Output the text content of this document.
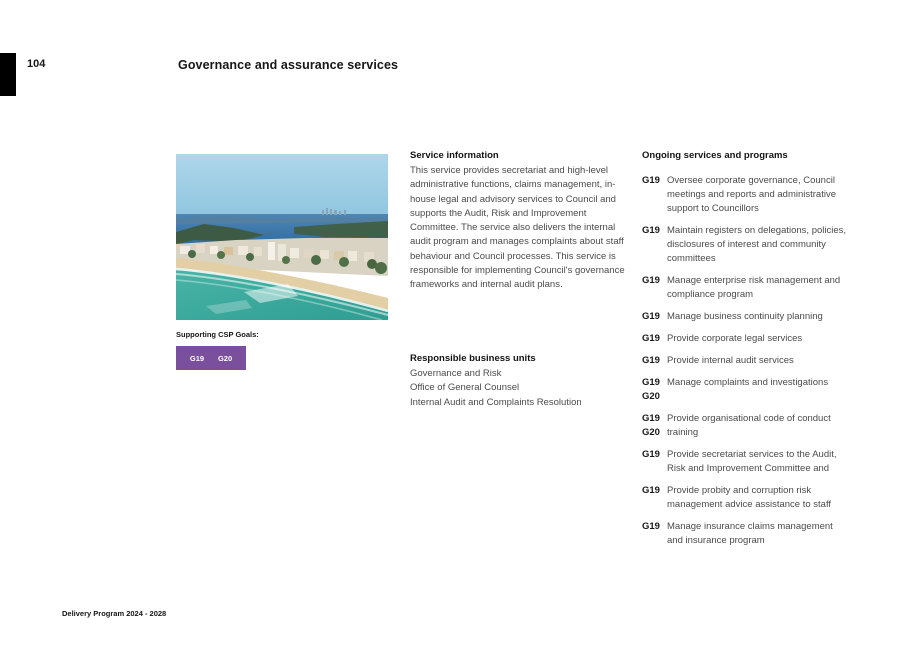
104	Governance and assurance services
Supporting CSP Goals:
G19 G20
Service information

This service provides secretariat and high-level administrative functions, claims management, in-house legal and advisory services to Council and supports the Audit, Risk and Improvement Committee. The service also delivers the internal audit program and manages complaints about staff behaviour and Council processes. This service is responsible for implementing Council's governance frameworks and internal audit plans.

Responsible business units
Governance and Risk
Office of General Counsel
Internal Audit and Complaints Resolution
Ongoing services and programs
G19 Oversee corporate governance, Council meetings and reports and administrative support to Councillors
G19 Maintain registers on delegations, policies, disclosures of interest and community committees
G19 Manage enterprise risk management and compliance program
G19 Manage business continuity planning
G19 Provide corporate legal services
G19 Provide internal audit services
G19
G20
Manage complaints and investigations
G19
G20
Provide organisational code of conduct training
G19 Provide secretariat services to the Audit, Risk and Improvement Committee and
G19 Provide probity and corruption risk management advice assistance to staff
G19 Manage insurance claims management and insurance program
Delivery Program 2024 - 2028
